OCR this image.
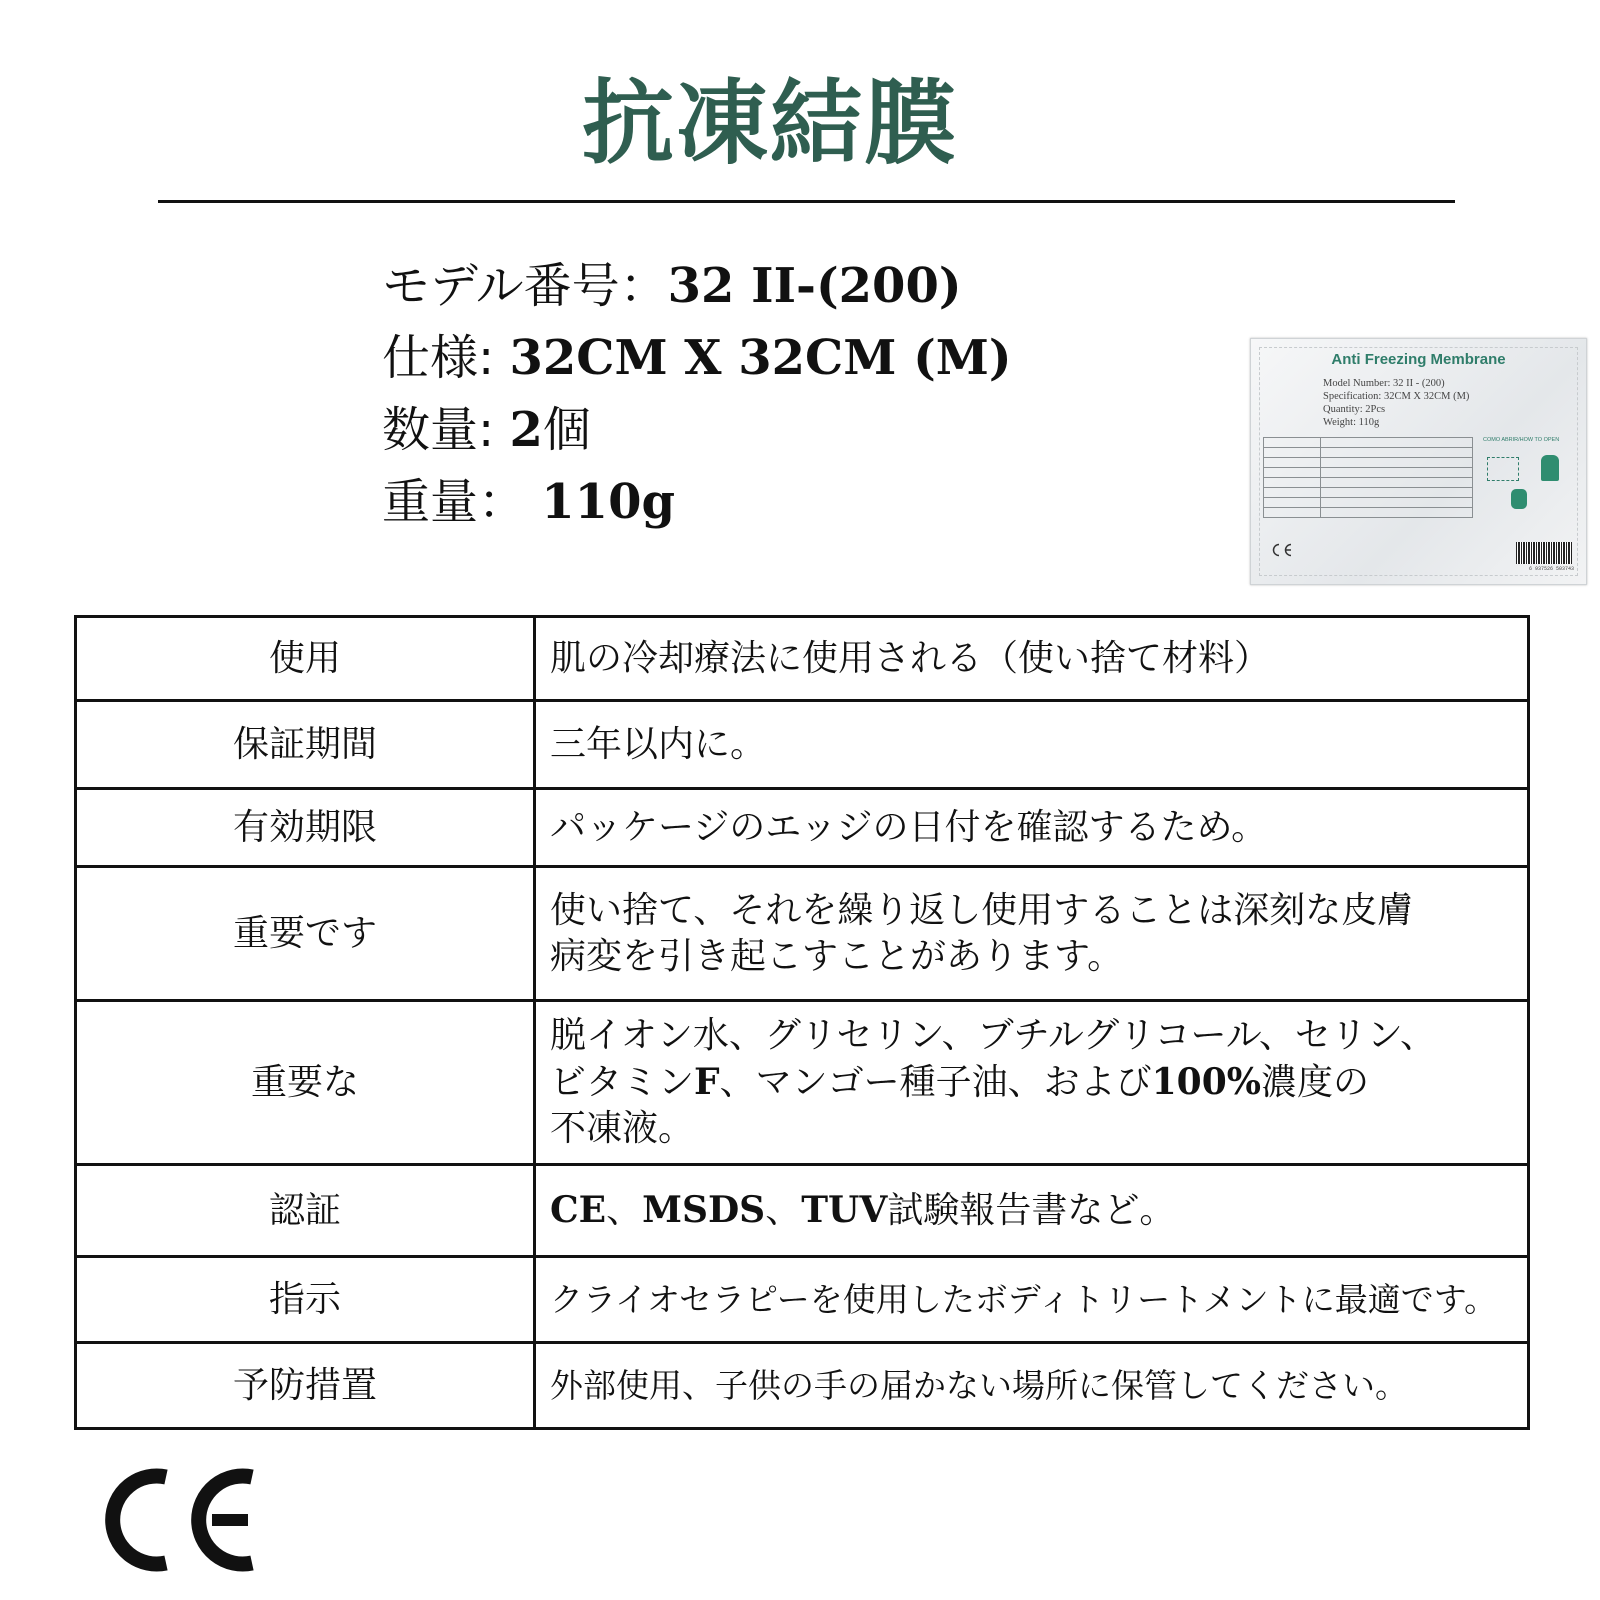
抗凍結膜
モデル番号：32 II-(200)
仕様: 32CM X 32CM (M)
数量: 2個
重量： 110g
Anti Freezing Membrane
Model Number: 32 II - (200)
Specification: 32CM X 32CM (M)
Quantity: 2Pcs
Weight: 110g

COMO ABRIR/HOW TO OPEN
6 937526 503743
使用	肌の冷却療法に使用される（使い捨て材料）
保証期間	三年以内に。
有効期限	パッケージのエッジの日付を確認するため。
重要です	使い捨て、それを繰り返し使用することは深刻な皮膚
病変を引き起こすことがあります。

重要な	脱イオン水、グリセリン、ブチルグリコール、セリン、
ビタミンF、マンゴー種子油、および100%濃度の
不凍液。

認証	CE、MSDS、TUV試験報告書など。
指示	クライオセラピーを使用したボディトリートメントに最適です。
予防措置	外部使用、子供の手の届かない場所に保管してください。
